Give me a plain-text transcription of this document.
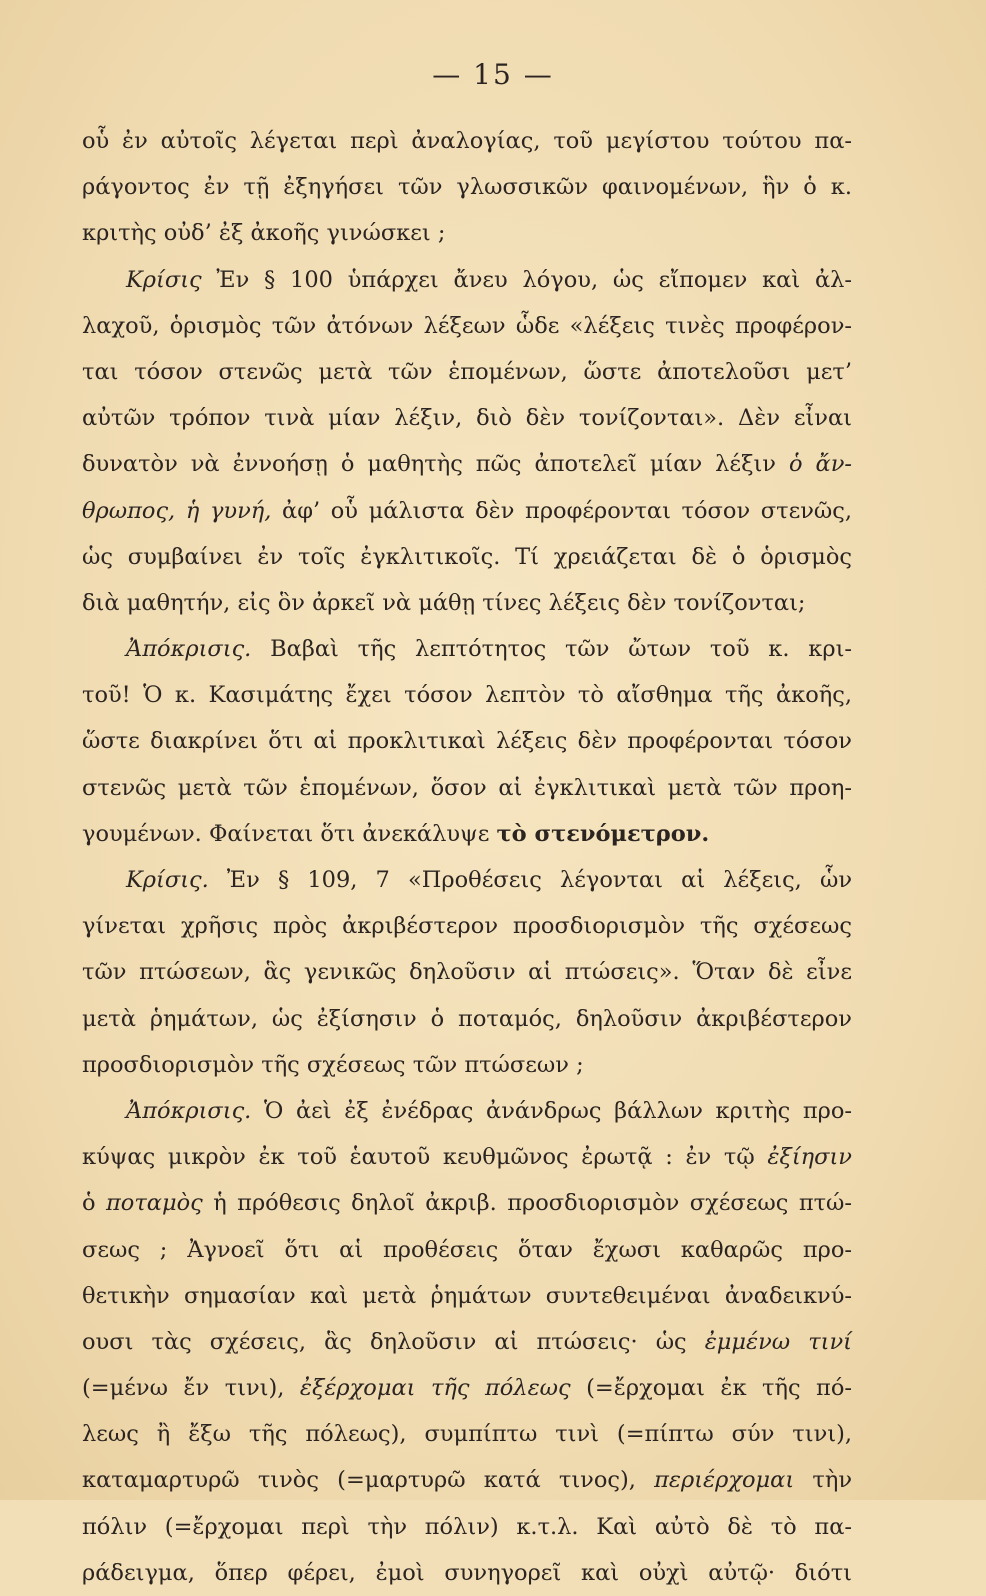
— 15 —
οὗ ἐν αὐτοῖς λέγεται περὶ ἀναλογίας, τοῦ μεγίστου τούτου πα-
ράγοντος ἐν τῇ ἐξηγήσει τῶν γλωσσικῶν φαινομένων, ἣν ὁ κ.
κριτὴς οὐδ’ ἐξ ἀκοῆς γινώσκει ;
Κρίσις Ἐν § 100 ὑπάρχει ἄνευ λόγου, ὡς εἴπομεν καὶ ἀλ-
λαχοῦ, ὁρισμὸς τῶν ἀτόνων λέξεων ὧδε «λέξεις τινὲς προφέρον-
ται τόσον στενῶς μετὰ τῶν ἑπομένων, ὥστε ἀποτελοῦσι μετ’
αὐτῶν τρόπον τινὰ μίαν λέξιν, διὸ δὲν τονίζονται». Δὲν εἶναι
δυνατὸν νὰ ἐννοήσῃ ὁ μαθητὴς πῶς ἀποτελεῖ μίαν λέξιν ὁ ἄν-
θρωπος, ἡ γυνή, ἀφ’ οὗ μάλιστα δὲν προφέρονται τόσον στενῶς,
ὡς συμβαίνει ἐν τοῖς ἐγκλιτικοῖς. Τί χρειάζεται δὲ ὁ ὁρισμὸς
διὰ μαθητήν, εἰς ὃν ἀρκεῖ νὰ μάθῃ τίνες λέξεις δὲν τονίζονται;
Ἀπόκρισις. Βαβαὶ τῆς λεπτότητος τῶν ὤτων τοῦ κ. κρι-
τοῦ! Ὁ κ. Κασιμάτης ἔχει τόσον λεπτὸν τὸ αἴσθημα τῆς ἀκοῆς,
ὥστε διακρίνει ὅτι αἱ προκλιτικαὶ λέξεις δὲν προφέρονται τόσον
στενῶς μετὰ τῶν ἑπομένων, ὅσον αἱ ἐγκλιτικαὶ μετὰ τῶν προη-
γουμένων. Φαίνεται ὅτι ἀνεκάλυψε τὸ στενόμετρον.
Κρίσις. Ἐν § 109, 7 «Προθέσεις λέγονται αἱ λέξεις, ὧν
γίνεται χρῆσις πρὸς ἀκριβέστερον προσδιορισμὸν τῆς σχέσεως
τῶν πτώσεων, ἃς γενικῶς δηλοῦσιν αἱ πτώσεις». Ὅταν δὲ εἶνε
μετὰ ῥημάτων, ὡς ἐξίσησιν ὁ ποταμός, δηλοῦσιν ἀκριβέστερον
προσδιορισμὸν τῆς σχέσεως τῶν πτώσεων ;
Ἀπόκρισις. Ὁ ἀεὶ ἐξ ἐνέδρας ἀνάνδρως βάλλων κριτὴς προ-
κύψας μικρὸν ἐκ τοῦ ἑαυτοῦ κευθμῶνος ἐρωτᾷ : ἐν τῷ ἐξίησιν
ὁ ποταμὸς ἡ πρόθεσις δηλοῖ ἀκριβ. προσδιορισμὸν σχέσεως πτώ-
σεως ; Ἀγνοεῖ ὅτι αἱ προθέσεις ὅταν ἔχωσι καθαρῶς προ-
θετικὴν σημασίαν καὶ μετὰ ῥημάτων συντεθειμέναι ἀναδεικνύ-
ουσι τὰς σχέσεις, ἃς δηλοῦσιν αἱ πτώσεις· ὡς ἐμμένω τινί
(=μένω ἔν τινι), ἐξέρχομαι τῆς πόλεως (=ἔρχομαι ἐκ τῆς πό-
λεως ἢ ἔξω τῆς πόλεως), συμπίπτω τινὶ (=πίπτω σύν τινι),
καταμαρτυρῶ τινὸς (=μαρτυρῶ κατά τινος), περιέρχομαι τὴν
πόλιν (=ἔρχομαι περὶ τὴν πόλιν) κ.τ.λ. Καὶ αὐτὸ δὲ τὸ πα-
ράδειγμα, ὅπερ φέρει, ἐμοὶ συνηγορεῖ καὶ οὐχὶ αὐτῷ· διότι
